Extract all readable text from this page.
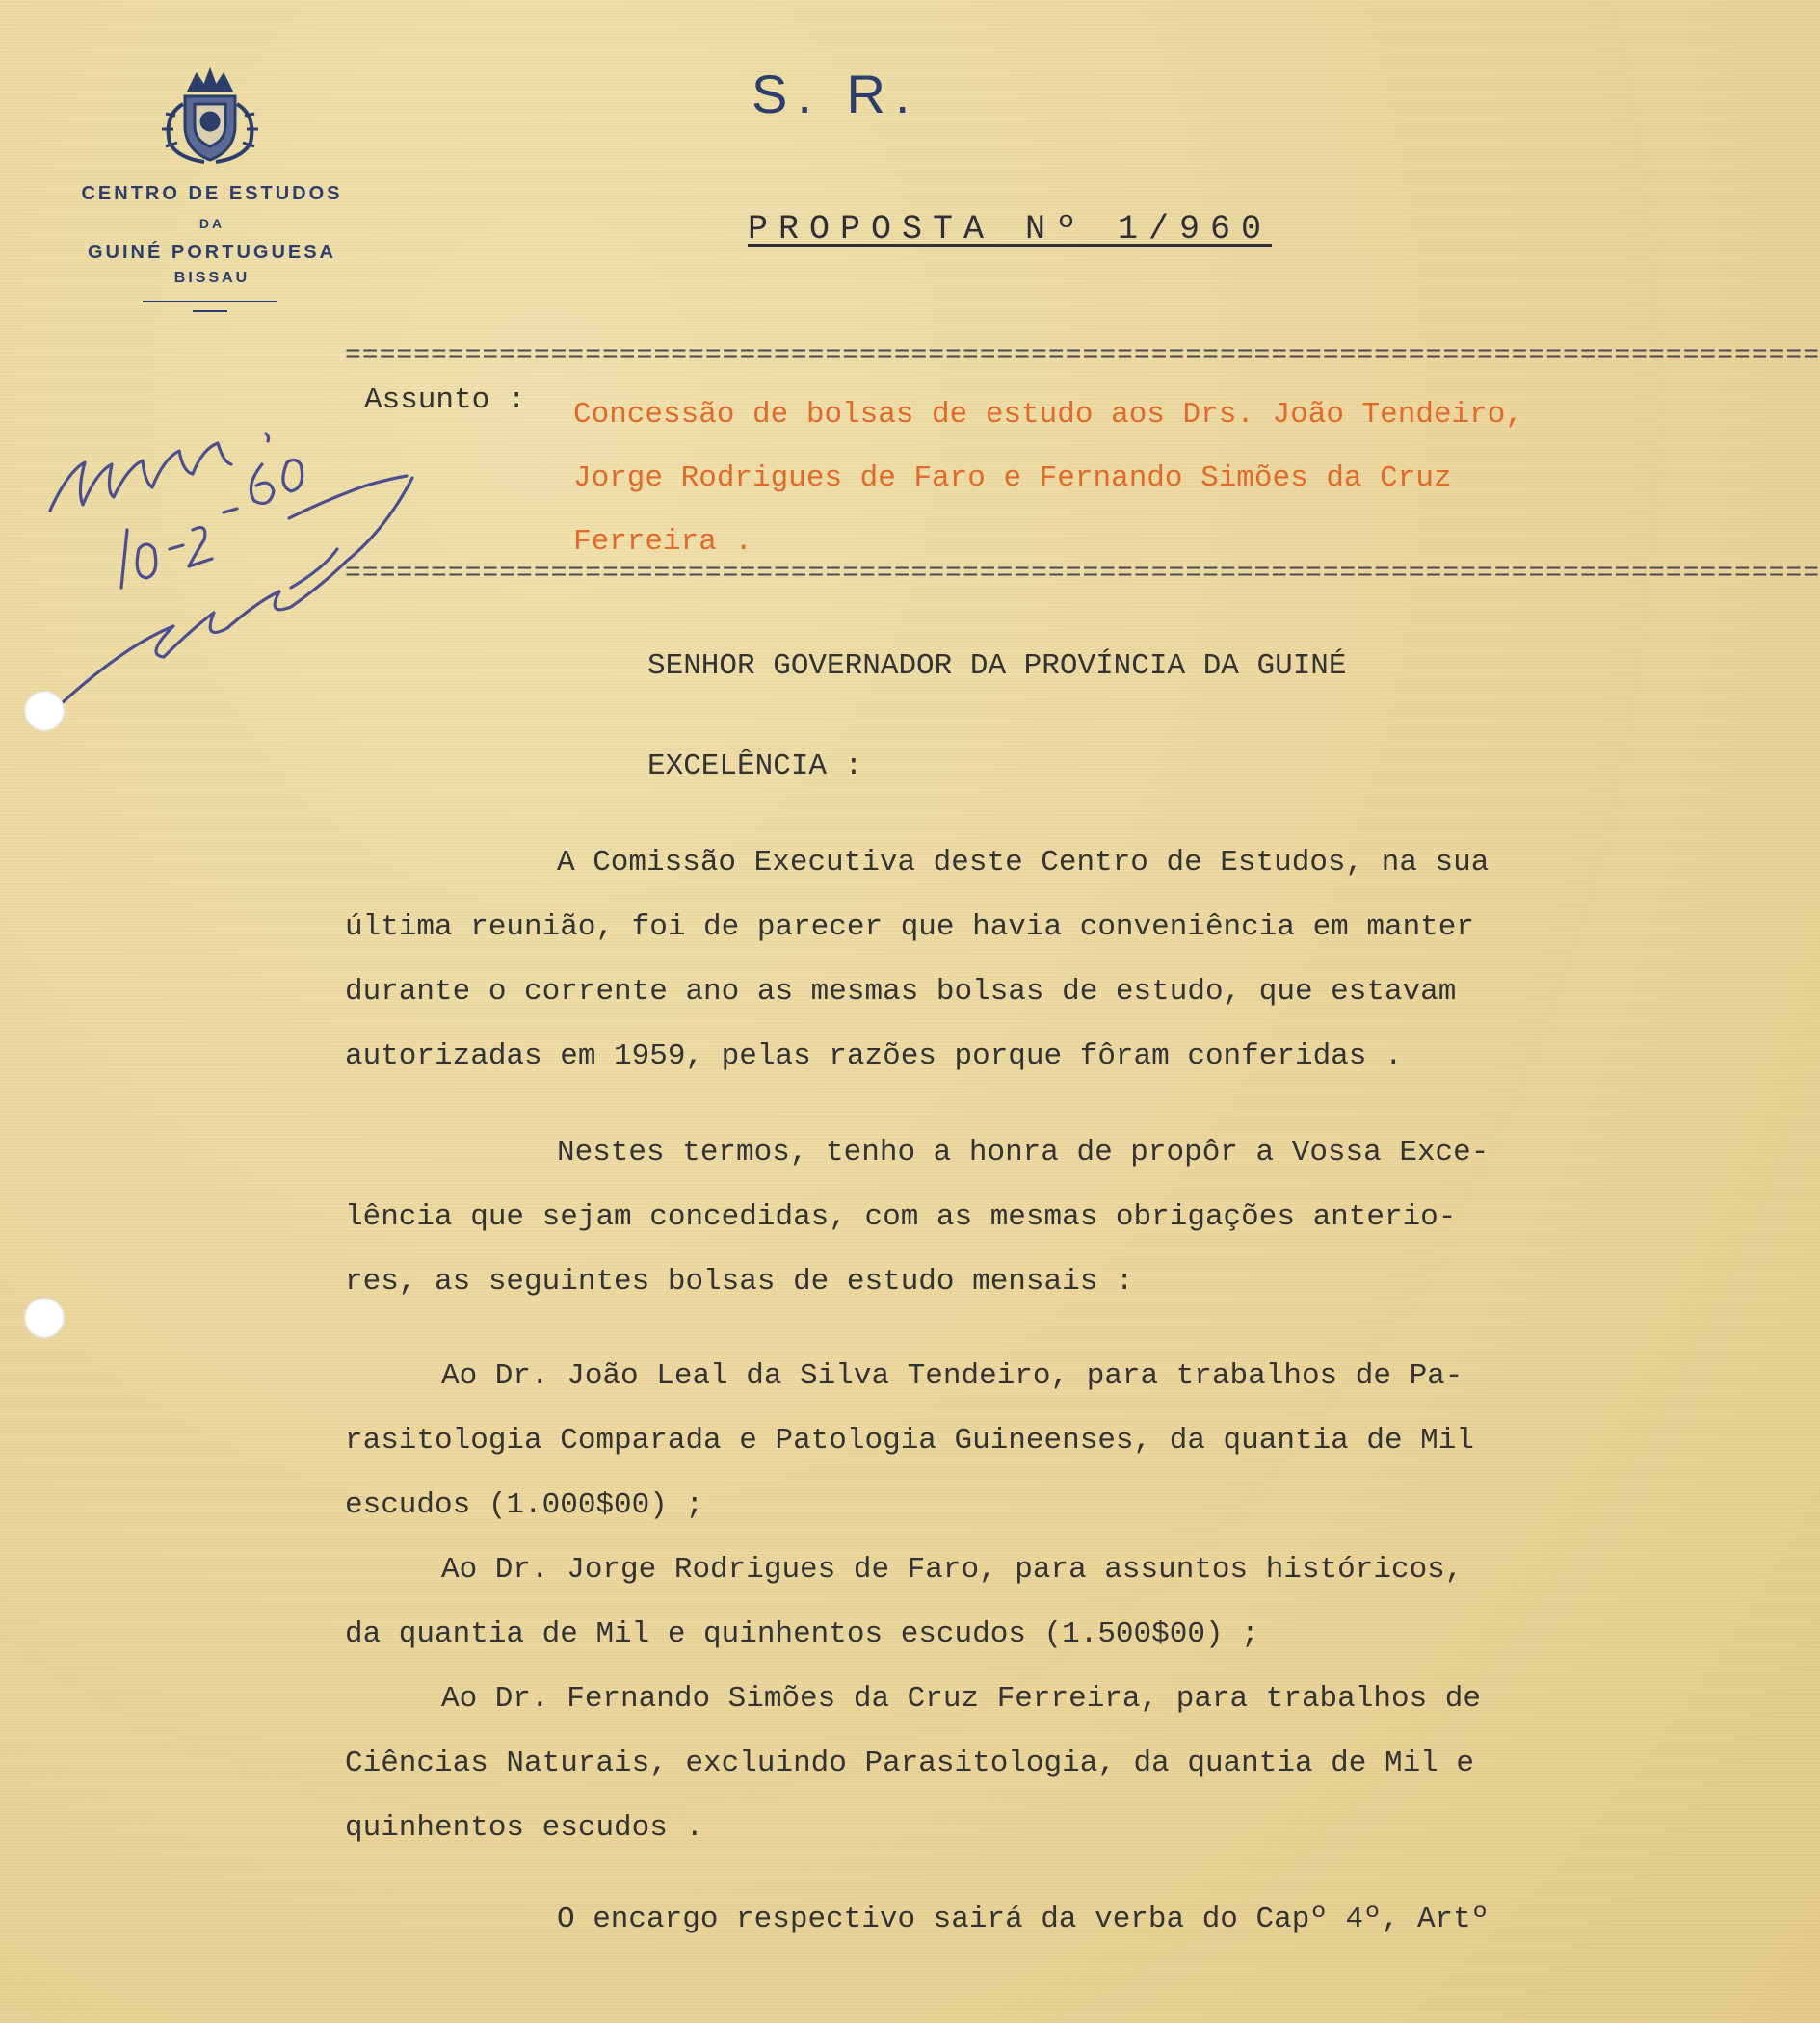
CENTRO DE ESTUDOS
DA
GUINÉ PORTUGUESA
BISSAU
S. R.
PROPOSTA Nº 1/960
======================================================================================
Assunto : Concessão de bolsas de estudo aos Drs. João Tendeiro, Jorge Rodrigues de Faro e Fernando Simões da Cruz Ferreira .
======================================================================================
SENHOR GOVERNADOR DA PROVÍNCIA DA GUINÉ
EXCELÊNCIA :
A Comissão Executiva deste Centro de Estudos, na sua
última reunião, foi de parecer que havia conveniência em manter
durante o corrente ano as mesmas bolsas de estudo, que estavam
autorizadas em 1959, pelas razões porque fôram conferidas .
Nestes termos, tenho a honra de propôr a Vossa Exce-
lência que sejam concedidas, com as mesmas obrigações anterio-
res, as seguintes bolsas de estudo mensais :
Ao Dr. João Leal da Silva Tendeiro, para trabalhos de Pa-
rasitologia Comparada e Patologia Guineenses, da quantia de Mil
escudos (1.000$00) ;
Ao Dr. Jorge Rodrigues de Faro, para assuntos históricos,
da quantia de Mil e quinhentos escudos (1.500$00) ;
Ao Dr. Fernando Simões da Cruz Ferreira, para trabalhos de
Ciências Naturais, excluindo Parasitologia, da quantia de Mil e
quinhentos escudos .
O encargo respectivo sairá da verba do Capº 4º, Artº
